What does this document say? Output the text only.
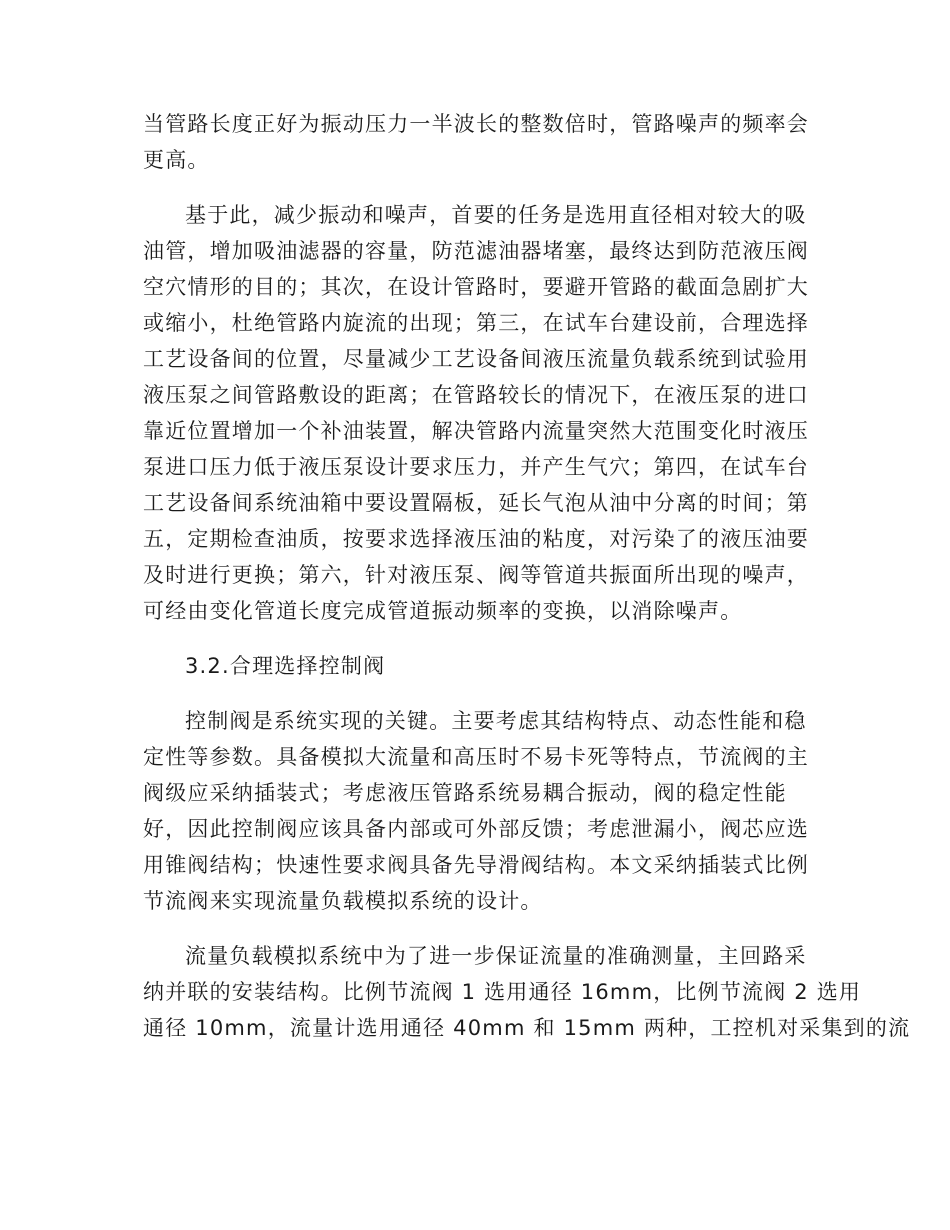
当管路长度正好为振动压力一半波长的整数倍时，管路噪声的频率会
更高。
基于此，减少振动和噪声，首要的任务是选用直径相对较大的吸
油管，增加吸油滤器的容量，防范滤油器堵塞，最终达到防范液压阀
空穴情形的目的；其次，在设计管路时，要避开管路的截面急剧扩大
或缩小，杜绝管路内旋流的出现；第三，在试车台建设前，合理选择
工艺设备间的位置，尽量减少工艺设备间液压流量负载系统到试验用
液压泵之间管路敷设的距离；在管路较长的情况下，在液压泵的进口
靠近位置增加一个补油装置，解决管路内流量突然大范围变化时液压
泵进口压力低于液压泵设计要求压力，并产生气穴；第四，在试车台
工艺设备间系统油箱中要设置隔板，延长气泡从油中分离的时间；第
五，定期检查油质，按要求选择液压油的粘度，对污染了的液压油要
及时进行更换；第六，针对液压泵、阀等管道共振面所出现的噪声，
可经由变化管道长度完成管道振动频率的变换，以消除噪声。
3.2.合理选择控制阀
控制阀是系统实现的关键。主要考虑其结构特点、动态性能和稳
定性等参数。具备模拟大流量和高压时不易卡死等特点，节流阀的主
阀级应采纳插装式；考虑液压管路系统易耦合振动，阀的稳定性能
好，因此控制阀应该具备内部或可外部反馈；考虑泄漏小，阀芯应选
用锥阀结构；快速性要求阀具备先导滑阀结构。本文采纳插装式比例
节流阀来实现流量负载模拟系统的设计。
流量负载模拟系统中为了进一步保证流量的准确测量，主回路采
纳并联的安装结构。比例节流阀 1 选用通径 16mm，比例节流阀 2 选用
通径 10mm，流量计选用通径 40mm 和 15mm 两种，工控机对采集到的流
